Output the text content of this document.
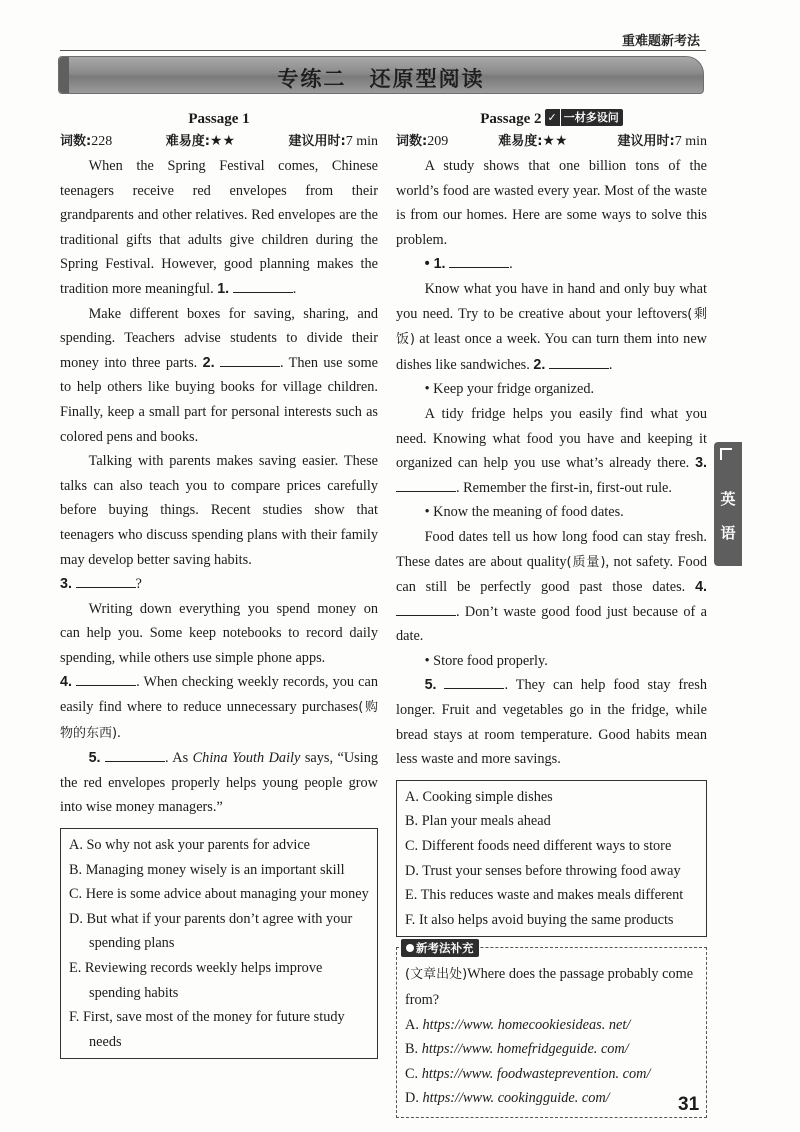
重难题新考法
专练二 还原型阅读
Passage 1
词数:228	难易度:★★	建议用时:7 min

When the Spring Festival comes, Chinese teenagers receive red envelopes from their grandparents and other relatives. Red envelopes are the traditional gifts that adults give children during the Spring Festival. However, good planning makes the tradition more meaningful. 1.	.

Make different boxes for saving, sharing, and spending. Teachers advise students to divide their money into three parts. 2.	. Then use some to help others like buying books for village children. Finally, keep a small part for personal interests such as colored pens and books.

Talking with parents makes saving easier. These talks can also teach you to compare prices carefully before buying things. Recent studies show that teenagers who discuss spending plans with their family may develop better saving habits.

3.	?

Writing down everything you spend money on can help you. Some keep notebooks to record daily spending, while others use simple phone apps.

4.	. When checking weekly records, you can easily find where to reduce unnecessary purchases(购物的东西).

5.	. As China Youth Daily says, “Using the red envelopes properly helps young people grow into wise money managers.”

A. So why not ask your parents for advice
B. Managing money wisely is an important skill
C. Here is some advice about managing your money
D. But what if your parents don’t agree with your spending plans
E. Reviewing records weekly helps improve spending habits
F. First, save most of the money for future study needs
Passage 2 ✓ 一材多设问
词数:209	难易度:★★	建议用时:7 min

A study shows that one billion tons of the world’s food are wasted every year. Most of the waste is from our homes. Here are some ways to solve this problem.

• 1.	.

Know what you have in hand and only buy what you need. Try to be creative about your leftovers(剩饭) at least once a week. You can turn them into new dishes like sandwiches. 2.	.

• Keep your fridge organized.

A tidy fridge helps you easily find what you need. Knowing what food you have and keeping it organized can help you use what’s already there. 3. . Remember the first-in, first-out rule.

• Know the meaning of food dates.

Food dates tell us how long food can stay fresh. These dates are about quality(质量), not safety. Food can still be perfectly good past those dates. 4. . Don’t waste good food just because of a date.

• Store food properly.

5.	. They can help food stay fresh longer. Fruit and vegetables go in the fridge, while bread stays at room temperature. Good habits mean less waste and more savings.

A. Cooking simple dishes
B. Plan your meals ahead
C. Different foods need different ways to store
D. Trust your senses before throwing food away
E. This reduces waste and makes meals different
F. It also helps avoid buying the same products
新考法补充

(文章出处)Where does the passage probably come from?

A. https://www. homecookiesideas. net/

B. https://www. homefridgeguide. com/

C. https://www. foodwasteprevention. com/

D. https://www. cookingguide. com/

英
语
31
